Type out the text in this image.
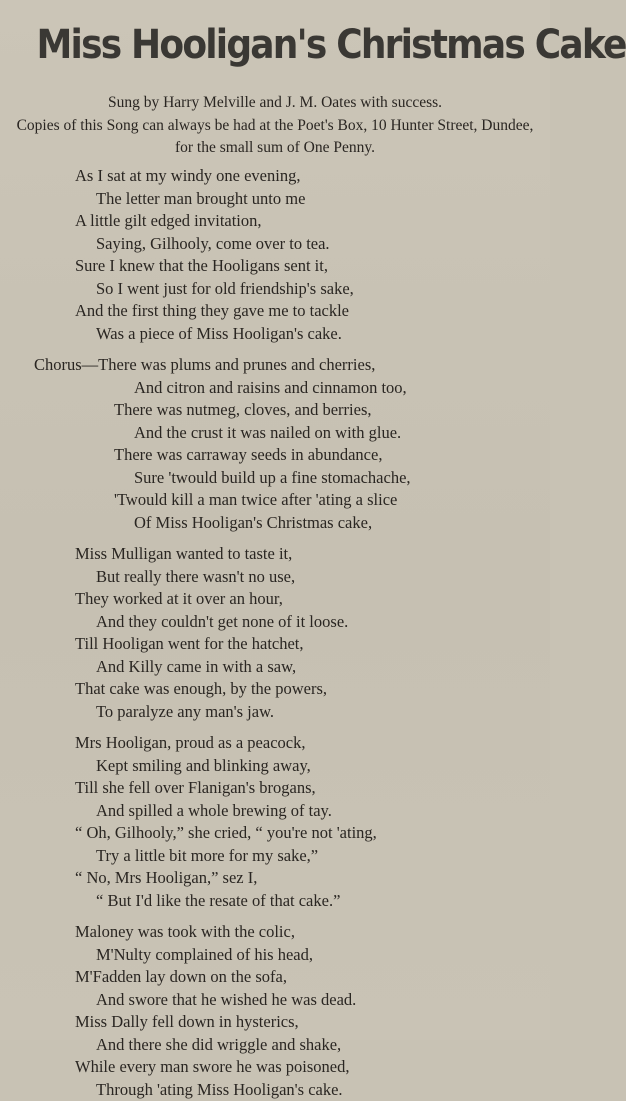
Miss Hooligan's Christmas Cake

Sung by Harry Melville and J. M. Oates with success.

Copies of this Song can always be had at the Poet's Box, 10 Hunter Street, Dundee, for the small sum of One Penny.

As I sat at my windy one evening,
The letter man brought unto me
A little gilt edged invitation,
Saying, Gilhooly, come over to tea.
Sure I knew that the Hooligans sent it,
So I went just for old friendship's sake,
And the first thing they gave me to tackle
Was a piece of Miss Hooligan's cake.
Chorus—There was plums and prunes and cherries,
And citron and raisins and cinnamon too,
There was nutmeg, cloves, and berries,
And the crust it was nailed on with glue.
There was carraway seeds in abundance,
Sure 'twould build up a fine stomachache,
'Twould kill a man twice after 'ating a slice
Of Miss Hooligan's Christmas cake,
Miss Mulligan wanted to taste it,
But really there wasn't no use,
They worked at it over an hour,
And they couldn't get none of it loose.
Till Hooligan went for the hatchet,
And Killy came in with a saw,
That cake was enough, by the powers,
To paralyze any man's jaw.
Mrs Hooligan, proud as a peacock,
Kept smiling and blinking away,
Till she fell over Flanigan's brogans,
And spilled a whole brewing of tay.
“ Oh, Gilhooly,” she cried, “ you're not 'ating,
Try a little bit more for my sake,”
“ No, Mrs Hooligan,” sez I,
“ But I'd like the resate of that cake.”
Maloney was took with the colic,
M'Nulty complained of his head,
M'Fadden lay down on the sofa,
And swore that he wished he was dead.
Miss Dally fell down in hysterics,
And there she did wriggle and shake,
While every man swore he was poisoned,
Through 'ating Miss Hooligan's cake.
